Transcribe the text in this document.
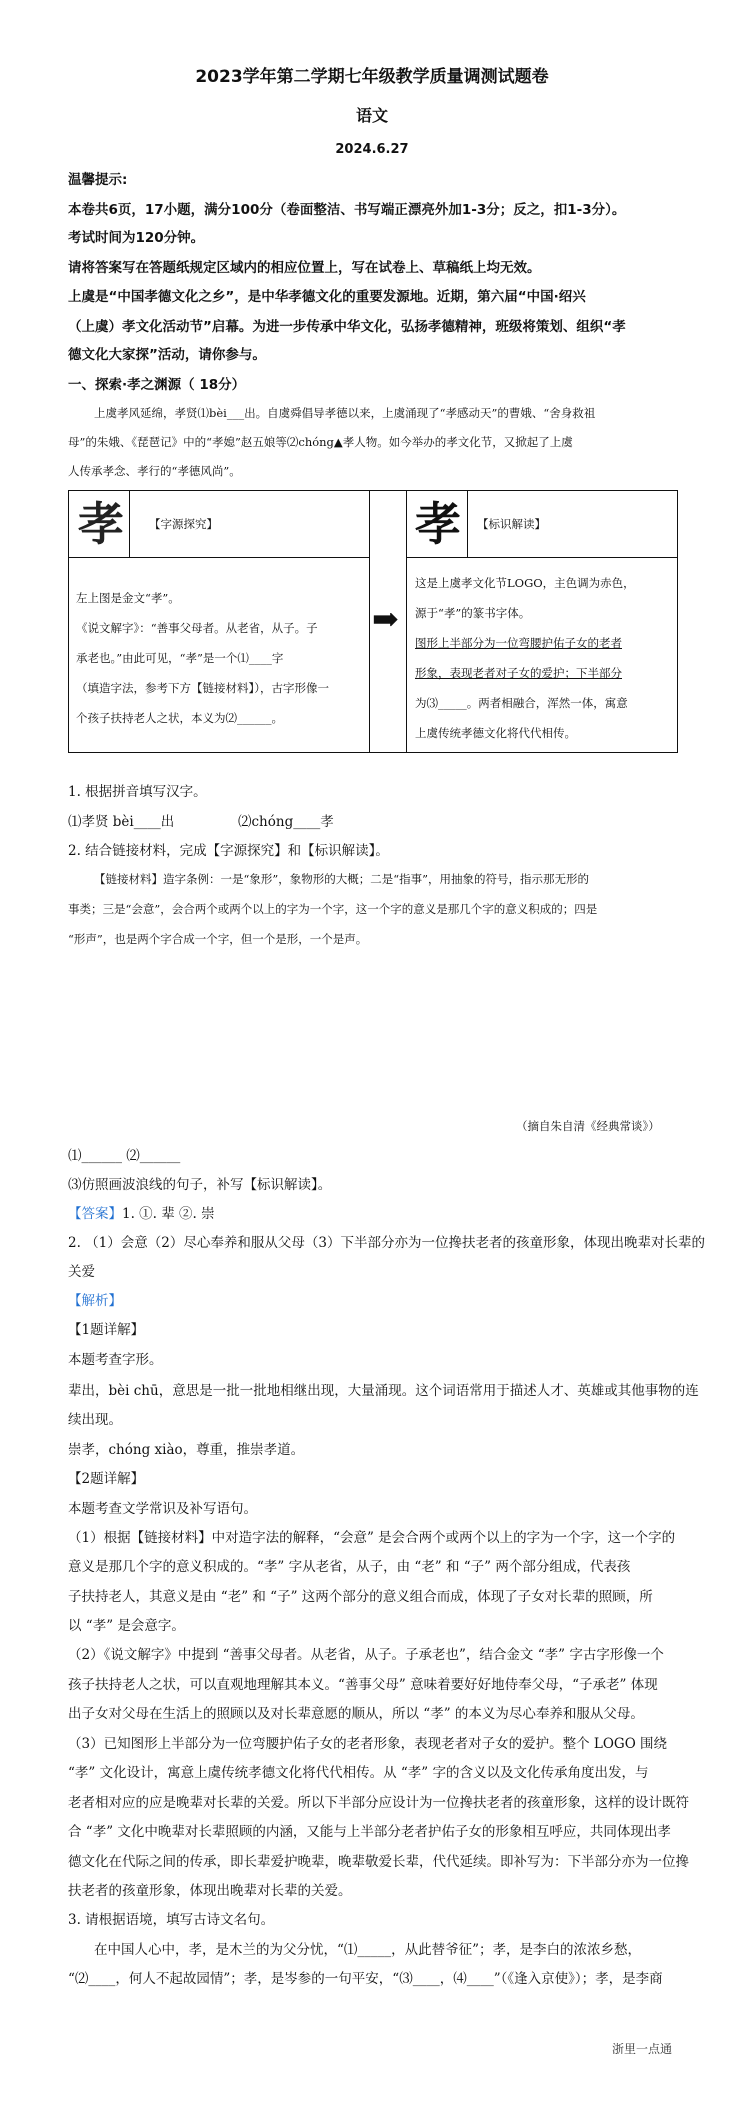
2023学年第二学期七年级教学质量调测试题卷
语文
2024.6.27
温馨提示:
本卷共6页，17小题，满分100分（卷面整洁、书写端正漂亮外加1-3分；反之，扣1-3分）。
考试时间为120分钟。
请将答案写在答题纸规定区域内的相应位置上，写在试卷上、草稿纸上均无效。
上虞是“中国孝德文化之乡”，是中华孝德文化的重要发源地。近期，第六届“中国·绍兴
（上虞）孝文化活动节”启幕。为进一步传承中华文化，弘扬孝德精神，班级将策划、组织“孝
德文化大家探”活动，请你参与。
一、探索·孝之渊源（ 18分）
上虞孝风延绵，孝贤⑴bèi___出。自虞舜倡导孝德以来，上虞涌现了“孝感动天”的曹娥、“舍身救祖
母”的朱娥、《琵琶记》中的“孝媳”赵五娘等⑵chóng▲孝人物。如今举办的孝文化节，又掀起了上虞
人传承孝念、孝行的“孝德风尚”。
孝 【字源探究】
左上图是金文“孝”。
《说文解字》：“善事父母者。从老省，从子。子
承老也。”由此可见，“孝”是一个⑴____字
（填造字法，参考下方【链接材料】），古字形像一
个孩子扶持老人之状，本义为⑵______。
➡
孝	【标识解读】
这是上虞孝文化节LOGO，主色调为赤色，
源于“孝”的篆书字体。
图形上半部分为一位弯腰护佑子女的老者
形象，表现老者对子女的爱护；下半部分
为⑶_____。两者相融合，浑然一体，寓意
上虞传统孝德文化将代代相传。
1. 根据拼音填写汉字。
⑴孝贤 bèi____出	⑵chóng____孝
2. 结合链接材料，完成【字源探究】和【标识解读】。
【链接材料】造字条例：一是“象形”，象物形的大概；二是“指事”，用抽象的符号，指示那无形的
事类；三是“会意”，会合两个或两个以上的字为一个字，这一个字的意义是那几个字的意义积成的；四是
“形声”，也是两个字合成一个字，但一个是形，一个是声。
（摘自朱自清《经典常谈》）
⑴______ ⑵______
⑶仿照画波浪线的句子，补写【标识解读】。
【答案】1. ①. 辈 ②. 崇
2. （1）会意（2）尽心奉养和服从父母（3）下半部分亦为一位搀扶老者的孩童形象，体现出晚辈对长辈的
关爱
【解析】
【1题详解】
本题考查字形。
辈出，bèi chū，意思是一批一批地相继出现，大量涌现。这个词语常用于描述人才、英雄或其他事物的连
续出现。
崇孝，chóng xiào，尊重，推崇孝道。
【2题详解】
本题考查文学常识及补写语句。
（1）根据【链接材料】中对造字法的解释，“会意” 是会合两个或两个以上的字为一个字，这一个字的
意义是那几个字的意义积成的。“孝” 字从老省，从子，由 “老” 和 “子” 两个部分组成，代表孩
子扶持老人，其意义是由 “老” 和 “子” 这两个部分的意义组合而成，体现了子女对长辈的照顾，所
以 “孝” 是会意字。
（2）《说文解字》中提到 “善事父母者。从老省，从子。子承老也”，结合金文 “孝” 字古字形像一个
孩子扶持老人之状，可以直观地理解其本义。“善事父母” 意味着要好好地侍奉父母，“子承老” 体现
出子女对父母在生活上的照顾以及对长辈意愿的顺从，所以 “孝” 的本义为尽心奉养和服从父母。
（3）已知图形上半部分为一位弯腰护佑子女的老者形象，表现老者对子女的爱护。整个 LOGO 围绕
“孝” 文化设计，寓意上虞传统孝德文化将代代相传。从 “孝” 字的含义以及文化传承角度出发，与
老者相对应的应是晚辈对长辈的关爱。所以下半部分应设计为一位搀扶老者的孩童形象，这样的设计既符
合 “孝” 文化中晚辈对长辈照顾的内涵，又能与上半部分老者护佑子女的形象相互呼应，共同体现出孝
德文化在代际之间的传承，即长辈爱护晚辈，晚辈敬爱长辈，代代延续。即补写为：下半部分亦为一位搀
扶老者的孩童形象，体现出晚辈对长辈的关爱。
3. 请根据语境，填写古诗文名句。
在中国人心中，孝，是木兰的为父分忧，“⑴_____，从此替爷征”；孝，是李白的浓浓乡愁，
“⑵____，何人不起故园情”；孝，是岑参的一句平安，“⑶____，⑷____”（《逢入京使》）；孝，是李商
浙里一点通
